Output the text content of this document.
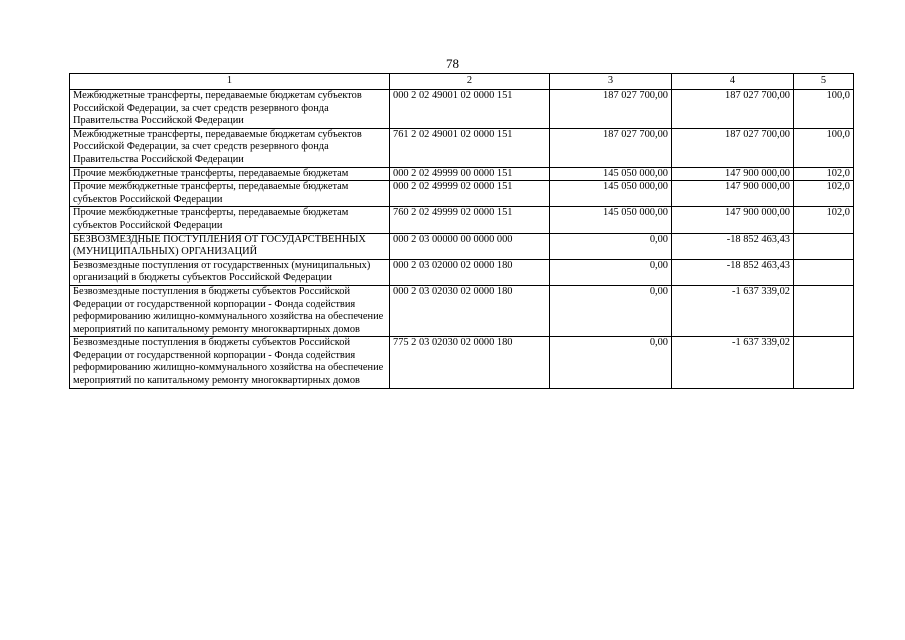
78
1	2	3	4	5
Межбюджетные трансферты, передаваемые бюджетам субъектов Российской Федерации, за счет средств резервного фонда Правительства Российской Федерации	000 2 02 49001 02 0000 151	187 027 700,00	187 027 700,00	100,0
Межбюджетные трансферты, передаваемые бюджетам субъектов Российской Федерации, за счет средств резервного фонда Правительства Российской Федерации	761 2 02 49001 02 0000 151	187 027 700,00	187 027 700,00	100,0
Прочие межбюджетные трансферты, передаваемые бюджетам	000 2 02 49999 00 0000 151	145 050 000,00	147 900 000,00	102,0
Прочие межбюджетные трансферты, передаваемые бюджетам субъектов Российской Федерации	000 2 02 49999 02 0000 151	145 050 000,00	147 900 000,00	102,0
Прочие межбюджетные трансферты, передаваемые бюджетам субъектов Российской Федерации	760 2 02 49999 02 0000 151	145 050 000,00	147 900 000,00	102,0
БЕЗВОЗМЕЗДНЫЕ ПОСТУПЛЕНИЯ ОТ ГОСУДАРСТВЕННЫХ (МУНИЦИПАЛЬНЫХ) ОРГАНИЗАЦИЙ	000 2 03 00000 00 0000 000	0,00	-18 852 463,43	
Безвозмездные поступления от государственных (муниципальных) организаций в бюджеты субъектов Российской Федерации	000 2 03 02000 02 0000 180	0,00	-18 852 463,43	
Безвозмездные поступления в бюджеты субъектов Российской Федерации от государственной корпорации - Фонда содействия реформированию жилищно-коммунального хозяйства на обеспечение мероприятий по капитальному ремонту многоквартирных домов	000 2 03 02030 02 0000 180	0,00	-1 637 339,02	
Безвозмездные поступления в бюджеты субъектов Российской Федерации от государственной корпорации - Фонда содействия реформированию жилищно-коммунального хозяйства на обеспечение мероприятий по капитальному ремонту многоквартирных домов	775 2 03 02030 02 0000 180	0,00	-1 637 339,02	
